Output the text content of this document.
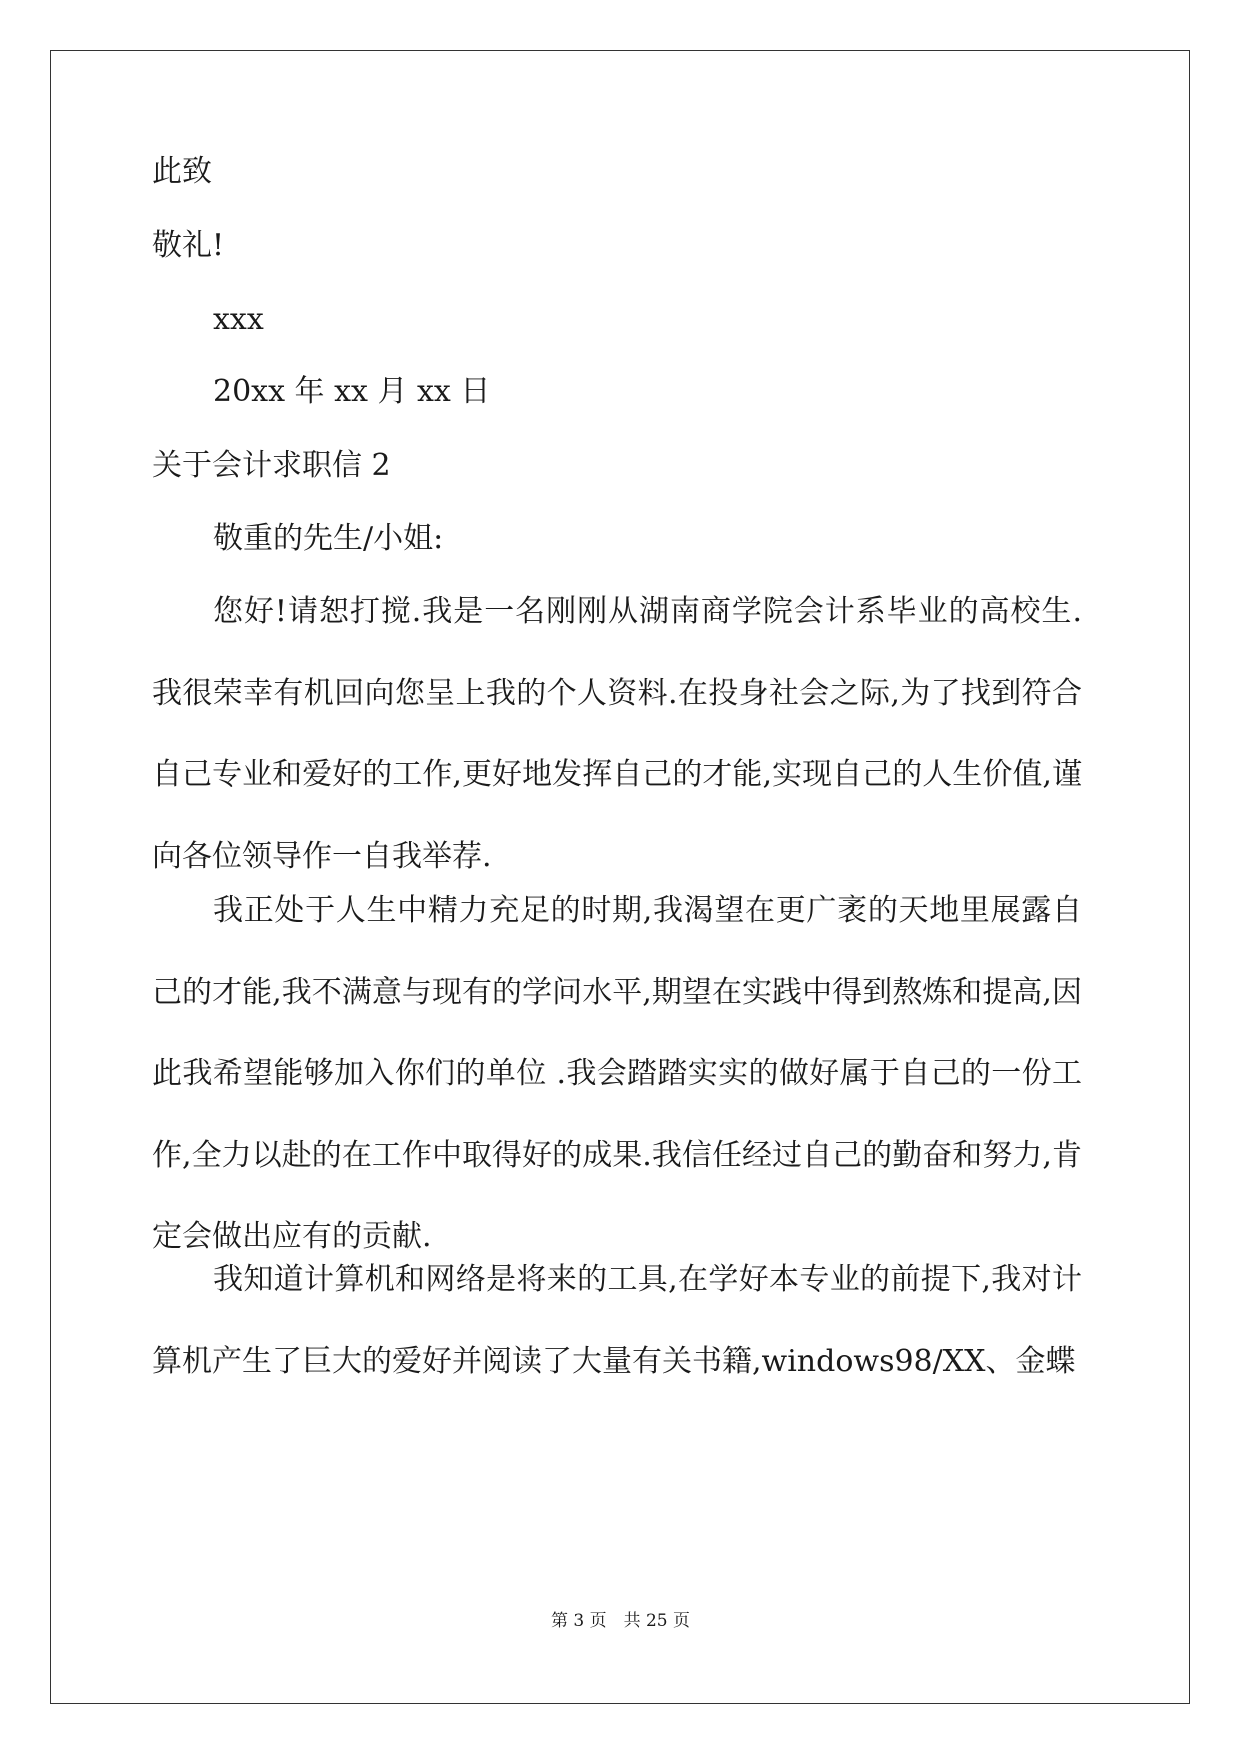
此致
敬礼!
xxx
20xx 年 xx 月 xx 日
关于会计求职信 2
敬重的先生/小姐:

您好!请恕打搅.我是一名刚刚从湖南商学院会计系毕业的高校生.我很荣幸有机回向您呈上我的个人资料.在投身社会之际,为了找到符合自己专业和爱好的工作,更好地发挥自己的才能,实现自己的人生价值,谨向各位领导作一自我举荐.

我正处于人生中精力充足的时期,我渴望在更广袤的天地里展露自己的才能,我不满意与现有的学问水平,期望在实践中得到熬炼和提高,因此我希望能够加入你们的单位 .我会踏踏实实的做好属于自己的一份工作,全力以赴的在工作中取得好的成果.我信任经过自己的勤奋和努力,肯定会做出应有的贡献.

我知道计算机和网络是将来的工具,在学好本专业的前提下,我对计算机产生了巨大的爱好并阅读了大量有关书籍,windows98/XX、金蝶

第 3 页　共 25 页
